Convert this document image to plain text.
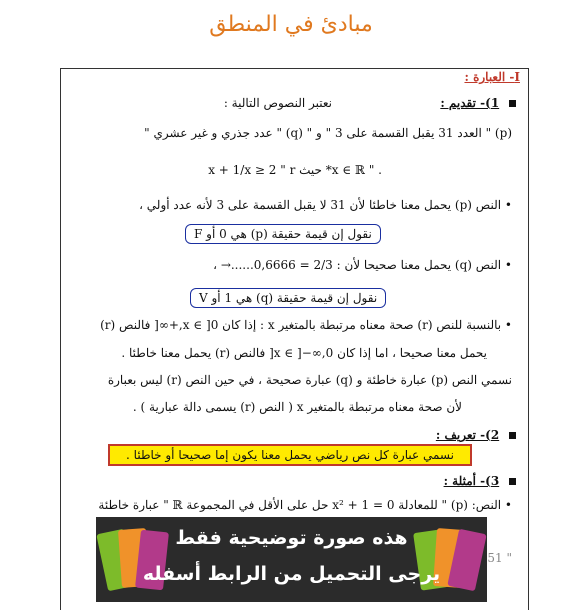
مبادئ في المنطق
I- العبارة :
1)- تقديم :
نعتبر النصوص التالية :
(p) " العدد 31 يقبل القسمة على 3 " و " (q) " عدد جذري و غير عشري "
. " x ∈ ℝ* حيث x + 1/x ≥ 2 " r
• النص (p) يحمل معنا خاطئا لأن 31 لا يقبل القسمة على 3 لأنه عدد أولي ،
نقول إن قيمة حقيقة (p) هي 0 أو F
• النص (q) يحمل معنا صحيحا لأن : 2/3 = 0,6666......→ ،
نقول إن قيمة حقيقة (q) هي 1 أو V
• بالنسبة للنص (r) صحة معناه مرتبطة بالمتغير x : إذا كان x ∈ ]0,+∞[ فالنص (r)
يحمل معنا صحيحا ، اما إذا كان x ∈ ]−∞,0[ فالنص (r) يحمل معنا خاطئا .
نسمي النص (p) عبارة خاطئة و (q) عبارة صحيحة ، في حين النص (r) ليس بعبارة
لأن صحة معناه مرتبطة بالمتغير x ( النص (r) يسمى دالة عبارية ) .
2)- تعريف :
نسمي عبارة كل نص رياضي يحمل معنا يكون إما صحيحا أو خاطئا .
3)- أمثلة :
• النص: (p) " للمعادلة x² + 1 = 0 حل على الأقل في المجموعة ℝ " عبارة خاطئة
" 51
هذه صورة توضيحية فقط
يرجى التحميل من الرابط أسفله
